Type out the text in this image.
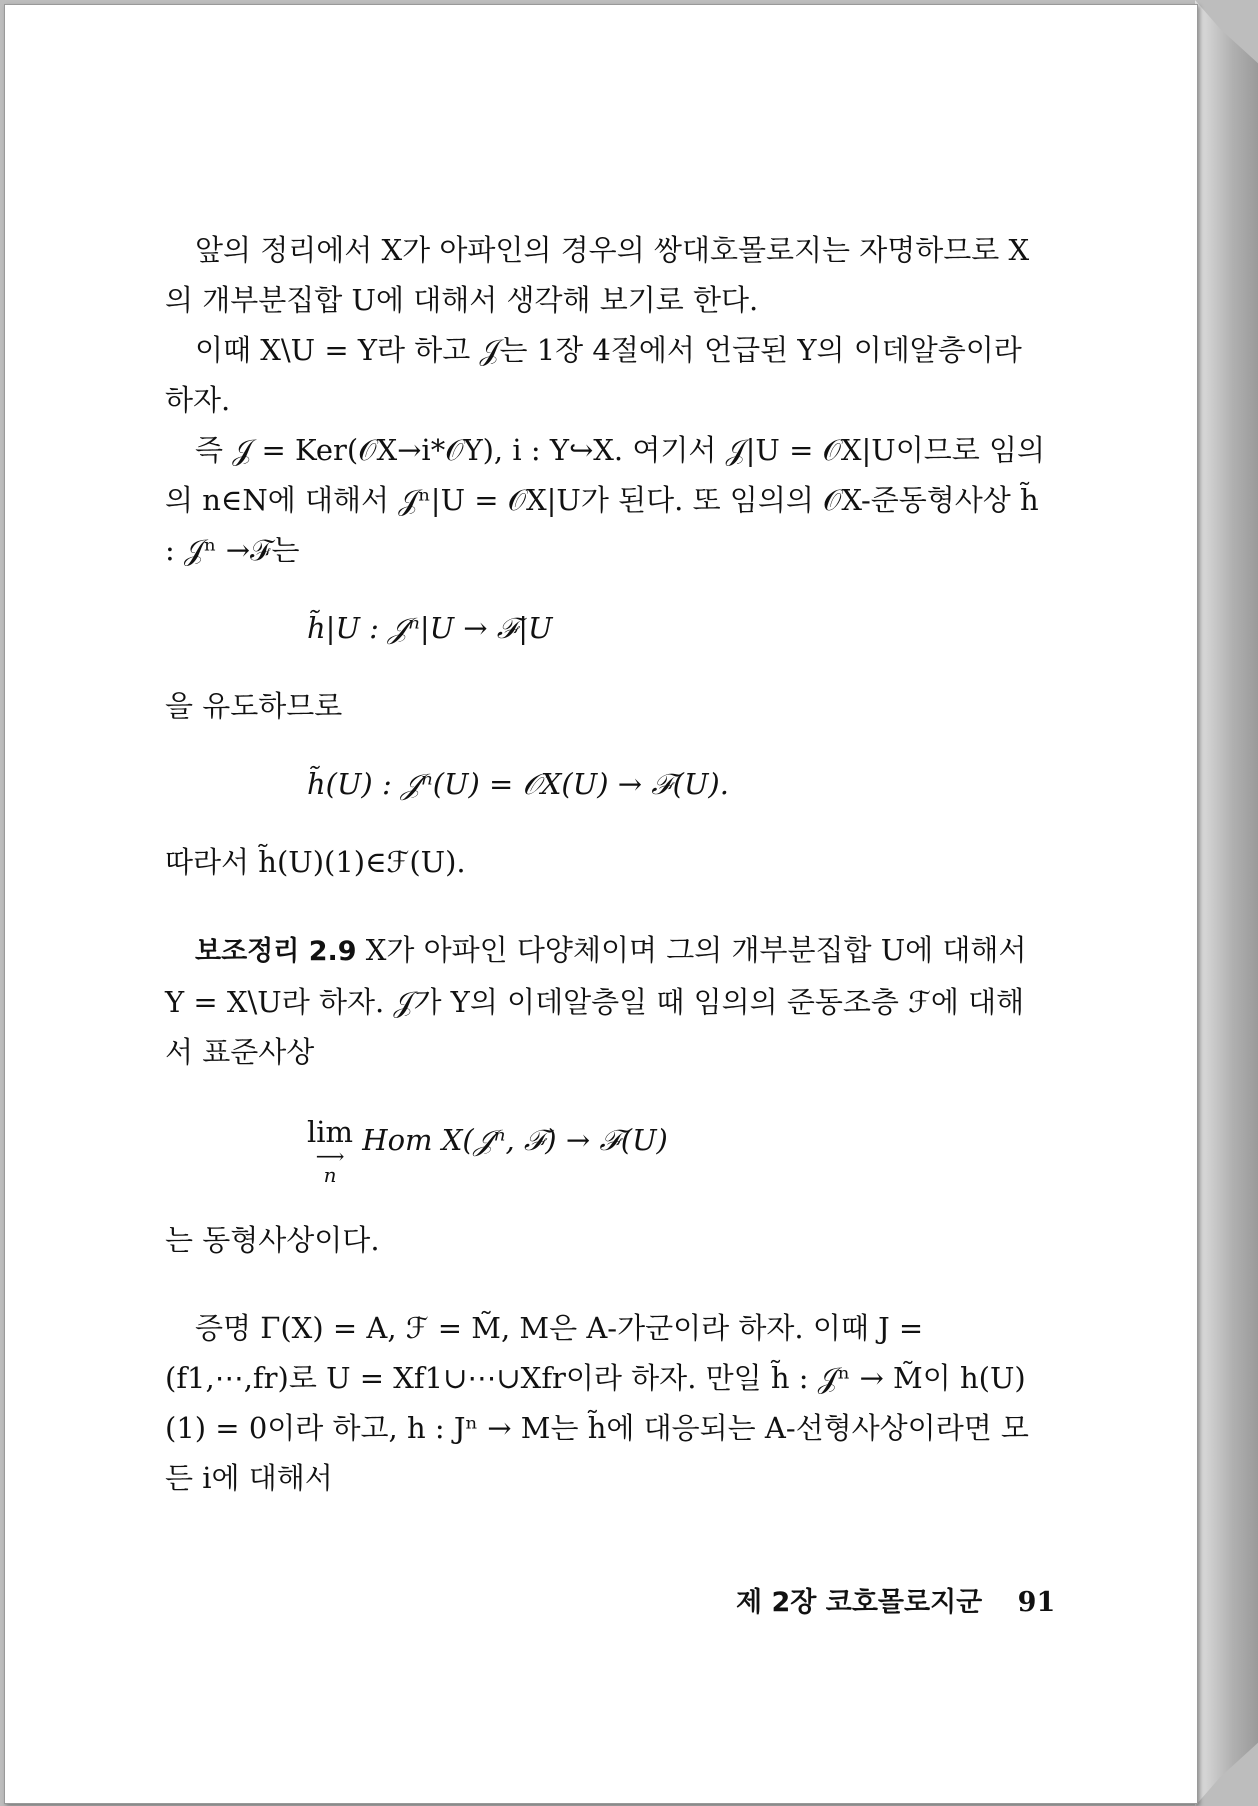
앞의 정리에서 X가 아파인의 경우의 쌍대호몰로지는 자명하므로 X의 개부분집합 U에 대해서 생각해 보기로 한다.

이때 X\U = Y라 하고 𝒥는 1장 4절에서 언급된 Y의 이데알층이라 하자.

즉 𝒥 = Ker(𝒪X→i*𝒪Y), i : Y↪X. 여기서 𝒥|U = 𝒪X|U이므로 임의의 n∈N에 대해서 𝒥ⁿ|U = 𝒪X|U가 된다. 또 임의의 𝒪X-준동형사상 h̃ : 𝒥ⁿ →ℱ는

h̃|U : 𝒥ⁿ|U → ℱ|U

을 유도하므로

h̃(U) : 𝒥ⁿ(U) = 𝒪X(U) → ℱ(U).

따라서 h̃(U)(1)∈ℱ(U).

보조정리 2.9 X가 아파인 다양체이며 그의 개부분집합 U에 대해서 Y = X\U라 하자. 𝒥가 Y의 이데알층일 때 임의의 준동조층 ℱ에 대해서 표준사상

lim
⟶
n
Hom X(𝒥ⁿ, ℱ) → ℱ(U)

는 동형사상이다.

증명 Γ(X) = A, ℱ = M̃, M은 A-가군이라 하자. 이때 J = (f1,⋯,fr)로 U = Xf1∪⋯∪Xfr이라 하자. 만일 h̃ : 𝒥ⁿ → M̃이 h(U)(1) = 0이라 하고, h : Jⁿ → M는 h̃에 대응되는 A-선형사상이라면 모든 i에 대해서

제 2장 코호몰로지군 91
